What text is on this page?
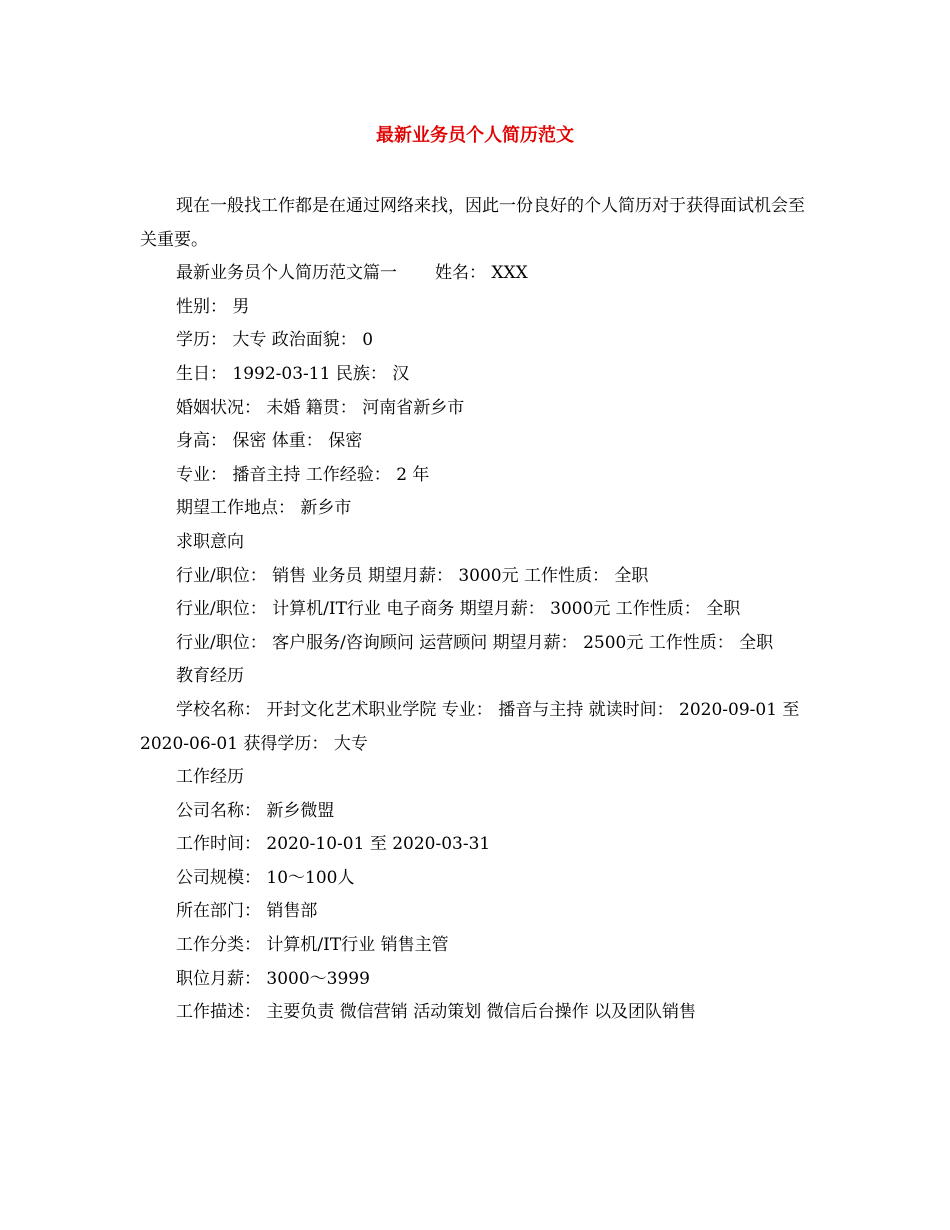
最新业务员个人简历范文

现在一般找工作都是在通过网络来找，因此一份良好的个人简历对于获得面试机会至关重要。

最新业务员个人简历范文篇一 姓名： XXX

性别： 男

学历： 大专 政治面貌： 0

生日： 1992-03-11 民族： 汉

婚姻状况： 未婚 籍贯： 河南省新乡市

身高： 保密 体重： 保密

专业： 播音主持 工作经验： 2 年

期望工作地点： 新乡市

求职意向

行业/职位： 销售 业务员 期望月薪： 3000元 工作性质： 全职

行业/职位： 计算机/IT行业 电子商务 期望月薪： 3000元 工作性质： 全职

行业/职位： 客户服务/咨询顾问 运营顾问 期望月薪： 2500元 工作性质： 全职

教育经历

学校名称： 开封文化艺术职业学院 专业： 播音与主持 就读时间： 2020-09-01 至 2020-06-01 获得学历： 大专

工作经历

公司名称： 新乡微盟

工作时间： 2020-10-01 至 2020-03-31

公司规模： 10～100人

所在部门： 销售部

工作分类： 计算机/IT行业 销售主管

职位月薪： 3000～3999

工作描述： 主要负责 微信营销 活动策划 微信后台操作 以及团队销售
